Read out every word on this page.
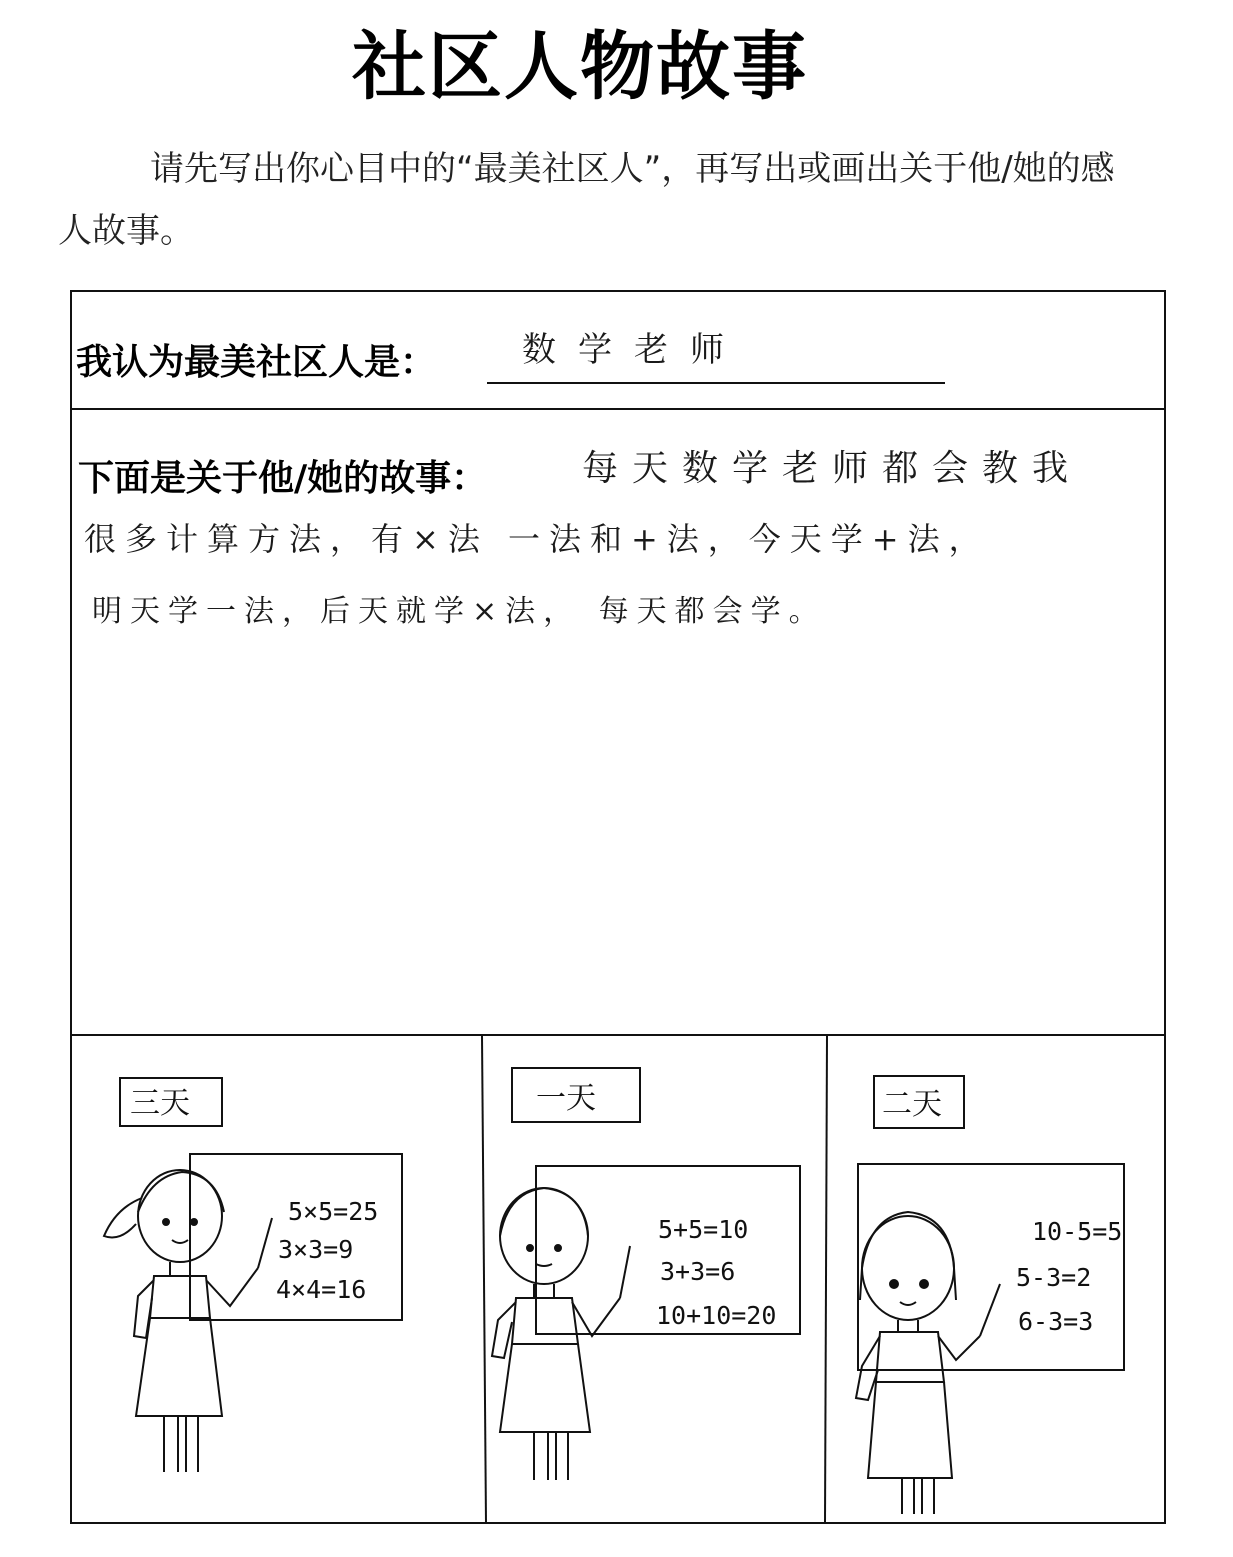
社区人物故事

请先写出你心目中的“最美社区人”，再写出或画出关于他/她的感人故事。

我认为最美社区人是：	数学老师
下面是关于他/她的故事：	每天数学老师都会教我
很多计算方法，有×法 一法和+法，今天学+法，
明天学一法，后天就学×法， 每天都会学。
三天
5×5=25
3×3=9
4×4=16
一天
5+5=10
3+3=6
10+10=20
二天
10-5=5
5-3=2
6-3=3
